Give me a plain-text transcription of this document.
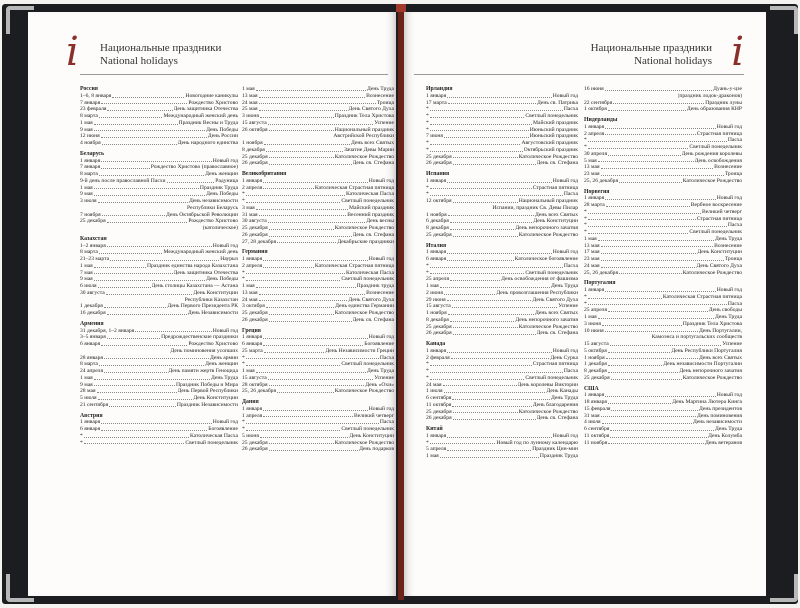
i Национальные праздники
National holidays
Россия
1–6, 8 января	Новогодние каникулы
7 января	Рождество Христово
23 февраля	День защитника Отечества
8 марта	Международный женский день
1 мая	Праздник Весны и Труда
9 мая	День Победы
12 июня	День России
4 ноября	День народного единства
Беларусь
1 января	Новый год
7 января	Рождество Христово (православное)
8 марта	День женщин
9-й день после православной Пасхи	Радуница
1 мая	Праздник Труда
9 мая	День Победы
3 июля	День независимости
Республики Беларусь
7 ноября	День Октябрьской Революции
25 декабря	Рождество Христово
(католическое)
Казахстан
1–2 января	Новый год
8 марта	Международный женский день
21–23 марта	Наурыз
1 мая	Праздник единства народа Казахстана
7 мая	День защитника Отечества
9 мая	День Победы
6 июля	День столицы Казахстана — Астана
30 августа	День Конституции
Республики Казахстан
1 декабря	День Первого Президента РК
16 декабря	День Независимости
Армения
31 декабря, 1–2 января	Новый год
3–5 января	Предрождественские праздники
6 января	Рождество Христово
День поминовения усопших
28 января	День армии
8 марта	День женщин
24 апреля	День памяти жертв Геноцида
1 мая	День Труда
9 мая	Праздник Победы и Мира
28 мая	День Первой Республики
5 июля	День Конституции
21 сентября	Праздник Независимости
Австрия
1 января	Новый год
6 января	Богоявление
*	Католическая Пасха
*	Светлый понедельник
1 мая	День Труда
13 мая	Вознесение
24 мая	Троица
25 мая	День Святого Духа
3 июня	Праздник Тела Христова
15 августа	Успение
26 октября	Национальный праздник
Австрийской Республики
1 ноября	День всех Святых
8 декабря	Зачатие Девы Марии
25 декабря	Католическое Рождество
26 декабря	День св. Стефана
Великобритания
1 января	Новый год
2 апреля	Католическая Страстная пятница
*	Католическая Пасха
*	Светлый понедельник
3 мая	Майский праздник
31 мая	Весенний праздник
30 августа	День весны
25 декабря	Католическое Рождество
26 декабря	День св. Стефана
27, 28 декабря	Декабрьские праздники
Германия
1 января	Новый год
2 апреля	Католическая Страстная пятница
*	Католическая Пасха
*	Светлый понедельник
1 мая	Праздник труда
13 мая	Вознесение
24 мая	День Святого Духа
3 октября	День единства Германии
25 декабря	Католическое Рождество
26 декабря	День св. Стефана
Греция
1 января	Новый год
6 января	Богоявление
25 марта	День Независимости Греции
*	Пасха
*	Светлый понедельник
1 мая	День Труда
15 августа	Успение
28 октября	День «Охи»
25, 26 декабря	Католическое Рождество
Дания
1 января	Новый год
1 апреля	Великий четверг
*	Пасха
*	Светлый понедельник
5 июня	День Конституции
25 декабря	Католическое Рождество
26 декабря	День подарков
i
Национальные праздники
National holidays
Ирландия
1 января	Новый год
17 марта	День св. Патрика
*	Пасха
*	Светлый понедельник
*	Майский праздник
*	Июньский праздник
7 июня	Июньский праздник
*	Августовский праздник
*	Октябрьский праздник
25 декабря	Католическое Рождество
26 декабря	День св. Стефана
Испания
1 января	Новый год
*	Страстная пятница
*	Пасха
12 октября	Национальный праздник
Испании, праздник Св. Девы Пилар
1 ноября	День всех Святых
6 декабря	День Конституции
8 декабря	День непорочного зачатия
25 декабря	Католическое Рождество
Италия
1 января	Новый год
6 января	Католическое богоявление
*	Пасха
*	Светлый понедельник
25 апреля	День освобождения от фашизма
1 мая	День Труда
2 июня	День провозглашения Республики
29 июня	День Святого Духа
15 августа	Успение
1 ноября	День всех Святых
8 декабря	День непорочного зачатия
25 декабря	Католическое Рождество
26 декабря	День св. Стефана
Канада
1 января	Новый год
2 февраля	День Сурка
*	Страстная пятница
*	Пасха
*	Светлый понедельник
24 мая	День королевы Виктории
1 июля	День Канады
6 сентября	День Труда
11 октября	День благодарения
25 декабря	Католическое Рождество
26 декабря	День св. Стефана
Китай
1 января	Новый год
*	Новый год по лунному календарю
5 апреля	Праздник Цин-мин
1 мая	Праздник Труда
16 июня	Дуань-у-цзе
(праздник лодок-драконов)
22 сентября	Праздник луны
1 октября	День образования КНР
Нидерланды
1 января	Новый год
2 апреля	Страстная пятница
*	Пасха
*	Светлый понедельник
30 апреля	День рождения королевы
5 мая	День освобождения
13 мая	Вознесение
23 мая	Троица
25, 26 декабря	Католическое Рождество
Норвегия
1 января	Новый год
28 марта	Вербное воскресение
*	Великий четверг
*	Страстная пятница
*	Пасха
*	Светлый понедельник
1 мая	День Труда
13 мая	Вознесение
17 мая	День Конституции
23 мая	Троица
24 мая	День Святого Духа
25, 26 декабря	Католическое Рождество
Португалия
1 января	Новый год
*	Католическая Страстная пятница
*	Пасха
25 апреля	День свободы
1 мая	День Труда
3 июня	Праздник Тела Христова
10 июня	День Португалии,
Камоэнса и португальских сообществ
15 августа	Успение
5 октября	День Республики Португалия
1 ноября	День всех Святых
1 декабря	День независимости Португалии
8 декабря	День непорочного зачатия
25 декабря	Католическое Рождество
США
1 января	Новый год
18 января	День Мартина Лютера Кинга
15 февраля	День президентов
31 мая	День поминовения
4 июля	День независимости
6 сентября	День Труда
11 октября	День Колумба
11 ноября	День ветеранов
